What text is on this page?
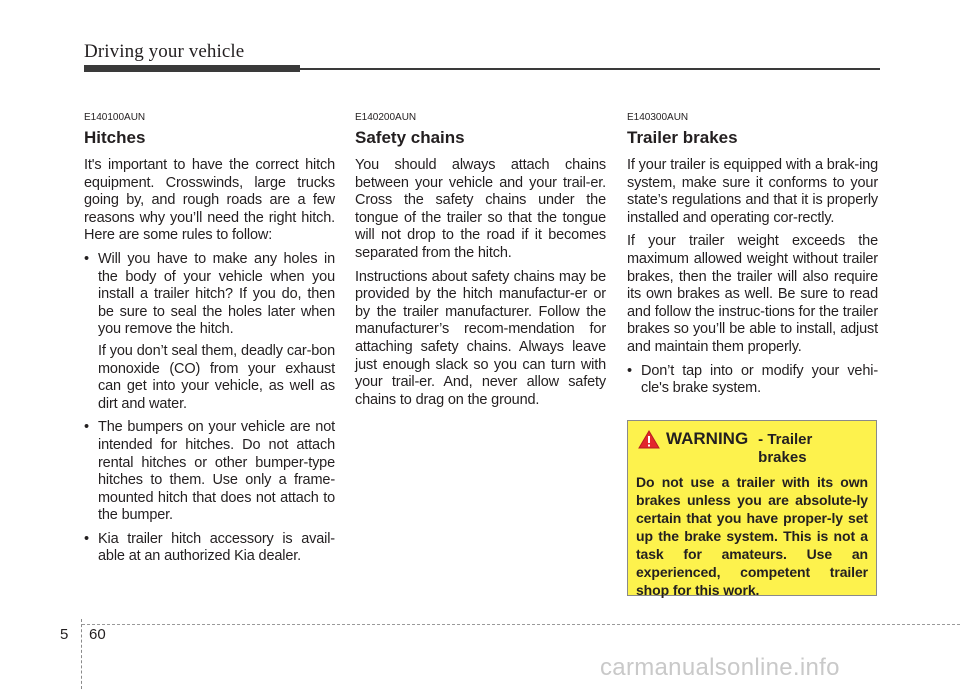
Driving your vehicle
E140100AUN
Hitches

It's important to have the correct hitch equipment. Crosswinds, large trucks going by, and rough roads are a few reasons why you’ll need the right hitch. Here are some rules to follow:

• Will you have to make any holes in the body of your vehicle when you install a trailer hitch? If you do, then be sure to seal the holes later when you remove the hitch.
If you don’t seal them, deadly car-bon monoxide (CO) from your exhaust can get into your vehicle, as well as dirt and water.
• The bumpers on your vehicle are not intended for hitches. Do not attach rental hitches or other bumper-type hitches to them. Use only a frame-mounted hitch that does not attach to the bumper.
• Kia trailer hitch accessory is avail-able at an authorized Kia dealer.
E140200AUN
Safety chains

You should always attach chains between your vehicle and your trail-er. Cross the safety chains under the tongue of the trailer so that the tongue will not drop to the road if it becomes separated from the hitch.

Instructions about safety chains may be provided by the hitch manufactur-er or by the trailer manufacturer. Follow the manufacturer’s recom-mendation for attaching safety chains. Always leave just enough slack so you can turn with your trail-er. And, never allow safety chains to drag on the ground.

E140300AUN
Trailer brakes

If your trailer is equipped with a brak-ing system, make sure it conforms to your state’s regulations and that it is properly installed and operating cor-rectly.

If your trailer weight exceeds the maximum allowed weight without trailer brakes, then the trailer will also require its own brakes as well. Be sure to read and follow the instruc-tions for the trailer brakes so you’ll be able to install, adjust and maintain them properly.

• Don’t tap into or modify your vehi-cle's brake system.
WARNING - Trailer
brakes

Do not use a trailer with its own brakes unless you are absolute-ly certain that you have proper-ly set up the brake system. This is not a task for amateurs. Use an experienced, competent trailer shop for this work.

5 60
carmanualsonline.info
